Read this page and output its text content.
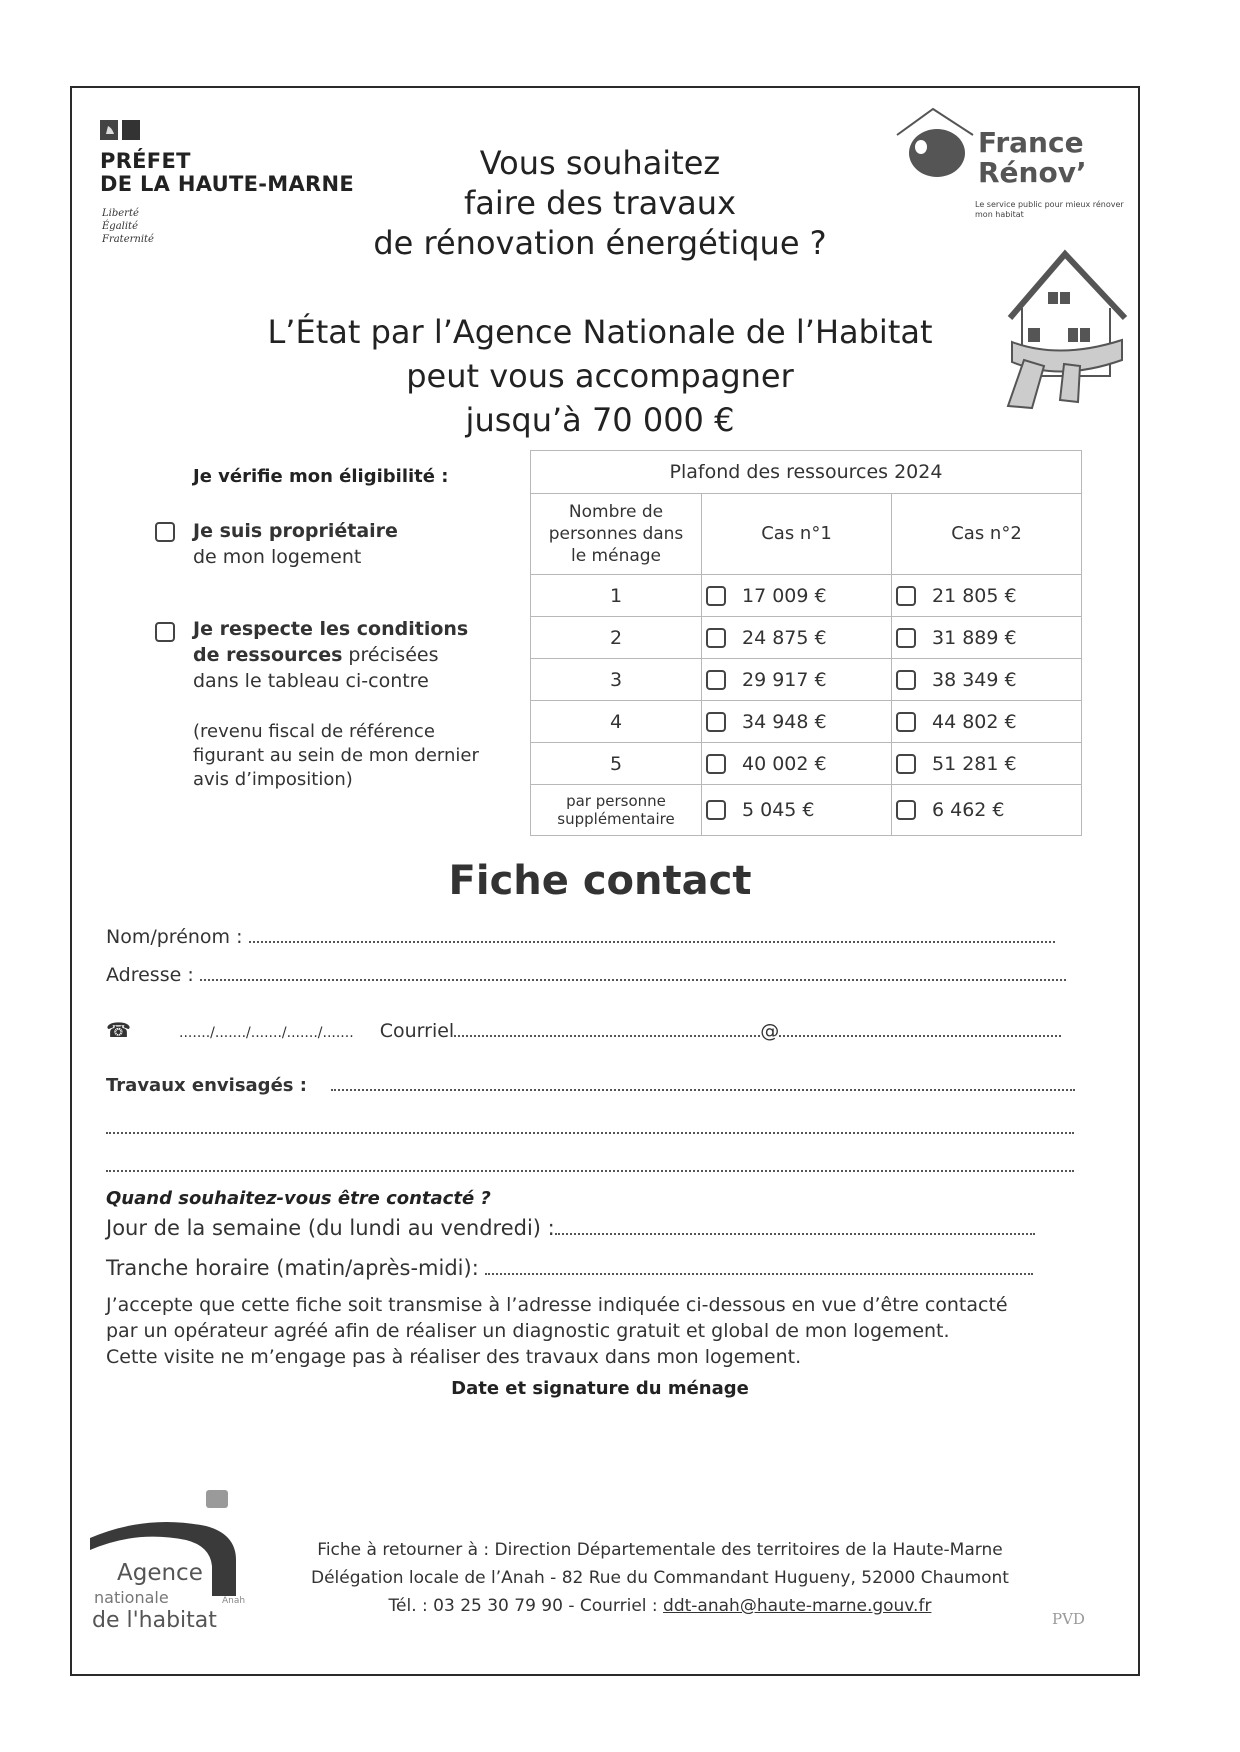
PRÉFET
DE LA HAUTE-MARNE
Liberté
Égalité
Fraternité
Vous souhaitez
faire des travaux
de rénovation énergétique ?
L’État par l’Agence Nationale de l’Habitat
peut vous accompagner
jusqu’à 70 000 €
France
Rénov’
Le service public pour mieux rénover mon habitat
Je vérifie mon éligibilité :
Je suis propriétaire
de mon logement
Je respecte les conditions
de ressources précisées
dans le tableau ci-contre
(revenu fiscal de référence
figurant au sein de mon dernier
avis d’imposition)
Plafond des ressources 2024		

Nombre de
personnes dans
le ménage	Cas n°1	Cas n°2
1	17 009 €	21 805 €

2	24 875 €	31 889 €

3	29 917 €	38 349 €

4	34 948 €	44 802 €

5	40 002 €	51 281 €

par personne
supplémentaire	5 045 €	6 462 €
Fiche contact
Nom/prénom :
Adresse :
☎	......./......./......./......./....... Courriel	@
Travaux envisagés :
Quand souhaitez-vous être contacté ?
Jour de la semaine (du lundi au vendredi) :
Tranche horaire (matin/après-midi):
J’accepte que cette fiche soit transmise à l’adresse indiquée ci-dessous en vue d’être contacté
par un opérateur agréé afin de réaliser un diagnostic gratuit et global de mon logement.
Cette visite ne m’engage pas à réaliser des travaux dans mon logement.
Date et signature du ménage
Agence
nationale	Anah
de l'habitat
Fiche à retourner à : Direction Départementale des territoires de la Haute-Marne
Délégation locale de l’Anah - 82 Rue du Commandant Hugueny, 52000 Chaumont
Tél. : 03 25 30 79 90 - Courriel : ddt-anah@haute-marne.gouv.fr
PVD
